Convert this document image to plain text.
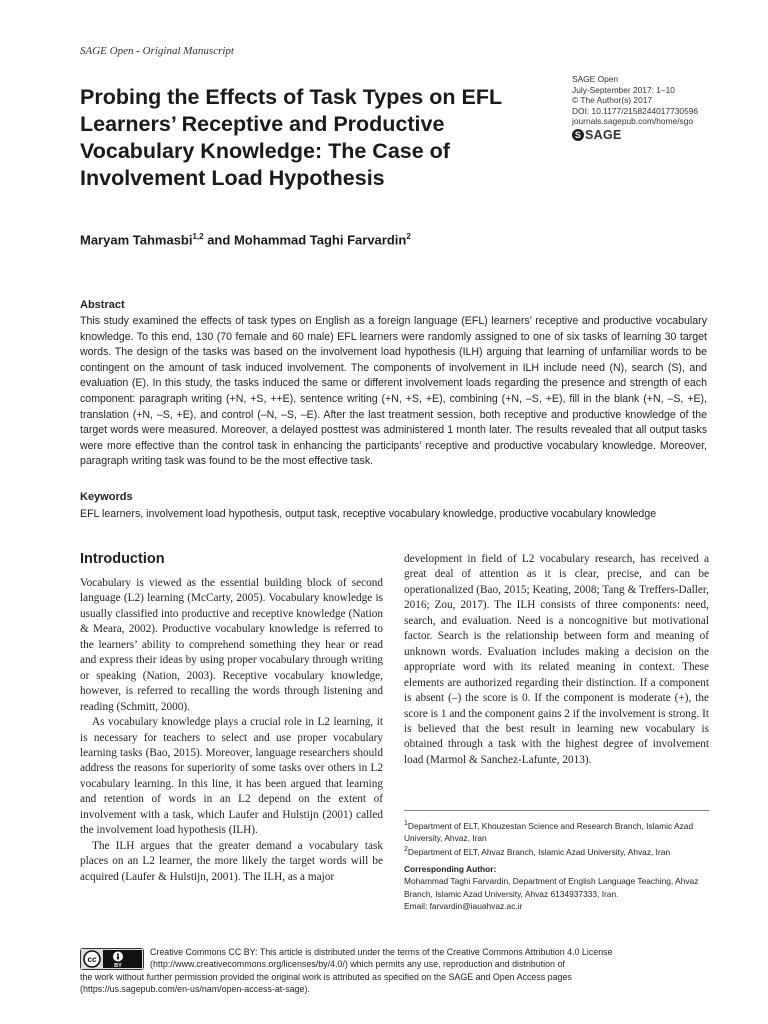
SAGE Open - Original Manuscript
Probing the Effects of Task Types on EFL Learners’ Receptive and Productive Vocabulary Knowledge: The Case of Involvement Load Hypothesis
SAGE Open
July-September 2017: 1–10
© The Author(s) 2017
DOI: 10.1177/2158244017730596
journals.sagepub.com/home/sgo
S SAGE
Maryam Tahmasbi$^{1,2}$ and Mohammad Taghi Farvardin$^2$
Abstract

This study examined the effects of task types on English as a foreign language (EFL) learners’ receptive and productive vocabulary knowledge. To this end, 130 (70 female and 60 male) EFL learners were randomly assigned to one of six tasks of learning 30 target words. The design of the tasks was based on the involvement load hypothesis (ILH) arguing that learning of unfamiliar words to be contingent on the amount of task induced involvement. The components of involvement in ILH include need (N), search (S), and evaluation (E). In this study, the tasks induced the same or different involvement loads regarding the presence and strength of each component: paragraph writing (+N, +S, ++E), sentence writing (+N, +S, +E), combining (+N, –S, +E), fill in the blank (+N, –S, +E), translation (+N, –S, +E), and control (–N, –S, –E). After the last treatment session, both receptive and productive knowledge of the target words were measured. Moreover, a delayed posttest was administered 1 month later. The results revealed that all output tasks were more effective than the control task in enhancing the participants’ receptive and productive vocabulary knowledge. Moreover, paragraph writing task was found to be the most effective task.

Keywords
EFL learners, involvement load hypothesis, output task, receptive vocabulary knowledge, productive vocabulary knowledge
Introduction

Vocabulary is viewed as the essential building block of second language (L2) learning (McCarty, 2005). Vocabulary knowledge is usually classified into productive and receptive knowledge (Nation & Meara, 2002). Productive vocabulary knowledge is referred to the learners’ ability to comprehend something they hear or read and express their ideas by using proper vocabulary through writing or speaking (Nation, 2003). Receptive vocabulary knowledge, however, is referred to recalling the words through listening and reading (Schmitt, 2000).

As vocabulary knowledge plays a crucial role in L2 learning, it is necessary for teachers to select and use proper vocabulary learning tasks (Bao, 2015). Moreover, language researchers should address the reasons for superiority of some tasks over others in L2 vocabulary learning. In this line, it has been argued that learning and retention of words in an L2 depend on the extent of involvement with a task, which Laufer and Hulstijn (2001) called the involvement load hypothesis (ILH).

The ILH argues that the greater demand a vocabulary task places on an L2 learner, the more likely the target words will be acquired (Laufer & Hulstijn, 2001). The ILH, as a major

development in field of L2 vocabulary research, has received a great deal of attention as it is clear, precise, and can be operationalized (Bao, 2015; Keating, 2008; Tang & Treffers-Daller, 2016; Zou, 2017). The ILH consists of three components: need, search, and evaluation. Need is a noncognitive but motivational factor. Search is the relationship between form and meaning of unknown words. Evaluation includes making a decision on the appropriate word with its related meaning in context. These elements are authorized regarding their distinction. If a component is absent (–) the score is 0. If the component is moderate (+), the score is 1 and the component gains 2 if the involvement is strong. It is believed that the best result in learning new vocabulary is obtained through a task with the highest degree of involvement load (Marmol & Sanchez-Lafunte, 2013).

$^1$Department of ELT, Khouzestan Science and Research Branch, Islamic Azad University, Ahvaz, Iran

$^2$Department of ELT, Ahvaz Branch, Islamic Azad University, Ahvaz, Iran

Corresponding Author:

Mohammad Taghi Farvardin, Department of English Language Teaching, Ahvaz Branch, Islamic Azad University, Ahvaz 6134937333, Iran.

Email: farvardin@iauahvaz.ac.ir

cc
BY
Creative Commons CC BY: This article is distributed under the terms of the Creative Commons Attribution 4.0 License
(http://www.creativecommons.org/licenses/by/4.0/) which permits any use, reproduction and distribution of
the work without further permission provided the original work is attributed as specified on the SAGE and Open Access pages
(https://us.sagepub.com/en-us/nam/open-access-at-sage).
